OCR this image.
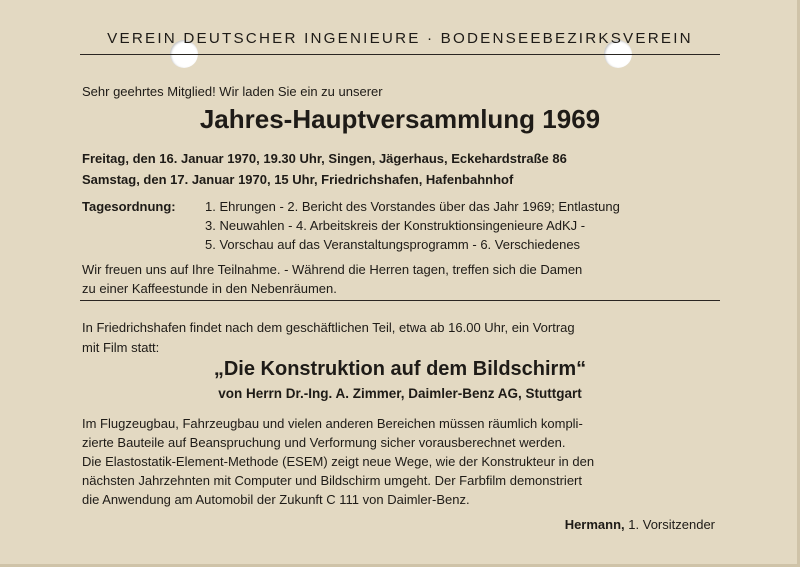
VEREIN DEUTSCHER INGENIEURE · BODENSEEBEZIRKSVEREIN
Sehr geehrtes Mitglied! Wir laden Sie ein zu unserer
Jahres-Hauptversammlung 1969
Freitag, den 16. Januar 1970, 19.30 Uhr, Singen, Jägerhaus, Eckehardstraße 86
Samstag, den 17. Januar 1970, 15 Uhr, Friedrichshafen, Hafenbahnhof
Tagesordnung: 1. Ehrungen - 2. Bericht des Vorstandes über das Jahr 1969; Entlastung
3. Neuwahlen - 4. Arbeitskreis der Konstruktionsingenieure AdKJ -
5. Vorschau auf das Veranstaltungsprogramm - 6. Verschiedenes
Wir freuen uns auf Ihre Teilnahme. - Während die Herren tagen, treffen sich die Damen
zu einer Kaffeestunde in den Nebenräumen.
In Friedrichshafen findet nach dem geschäftlichen Teil, etwa ab 16.00 Uhr, ein Vortrag
mit Film statt:
„Die Konstruktion auf dem Bildschirm“
von Herrn Dr.-Ing. A. Zimmer, Daimler-Benz AG, Stuttgart
Im Flugzeugbau, Fahrzeugbau und vielen anderen Bereichen müssen räumlich kompli-
zierte Bauteile auf Beanspruchung und Verformung sicher vorausberechnet werden.
Die Elastostatik-Element-Methode (ESEM) zeigt neue Wege, wie der Konstrukteur in den
nächsten Jahrzehnten mit Computer und Bildschirm umgeht. Der Farbfilm demonstriert
die Anwendung am Automobil der Zukunft C 111 von Daimler-Benz.
Hermann, 1. Vorsitzender
